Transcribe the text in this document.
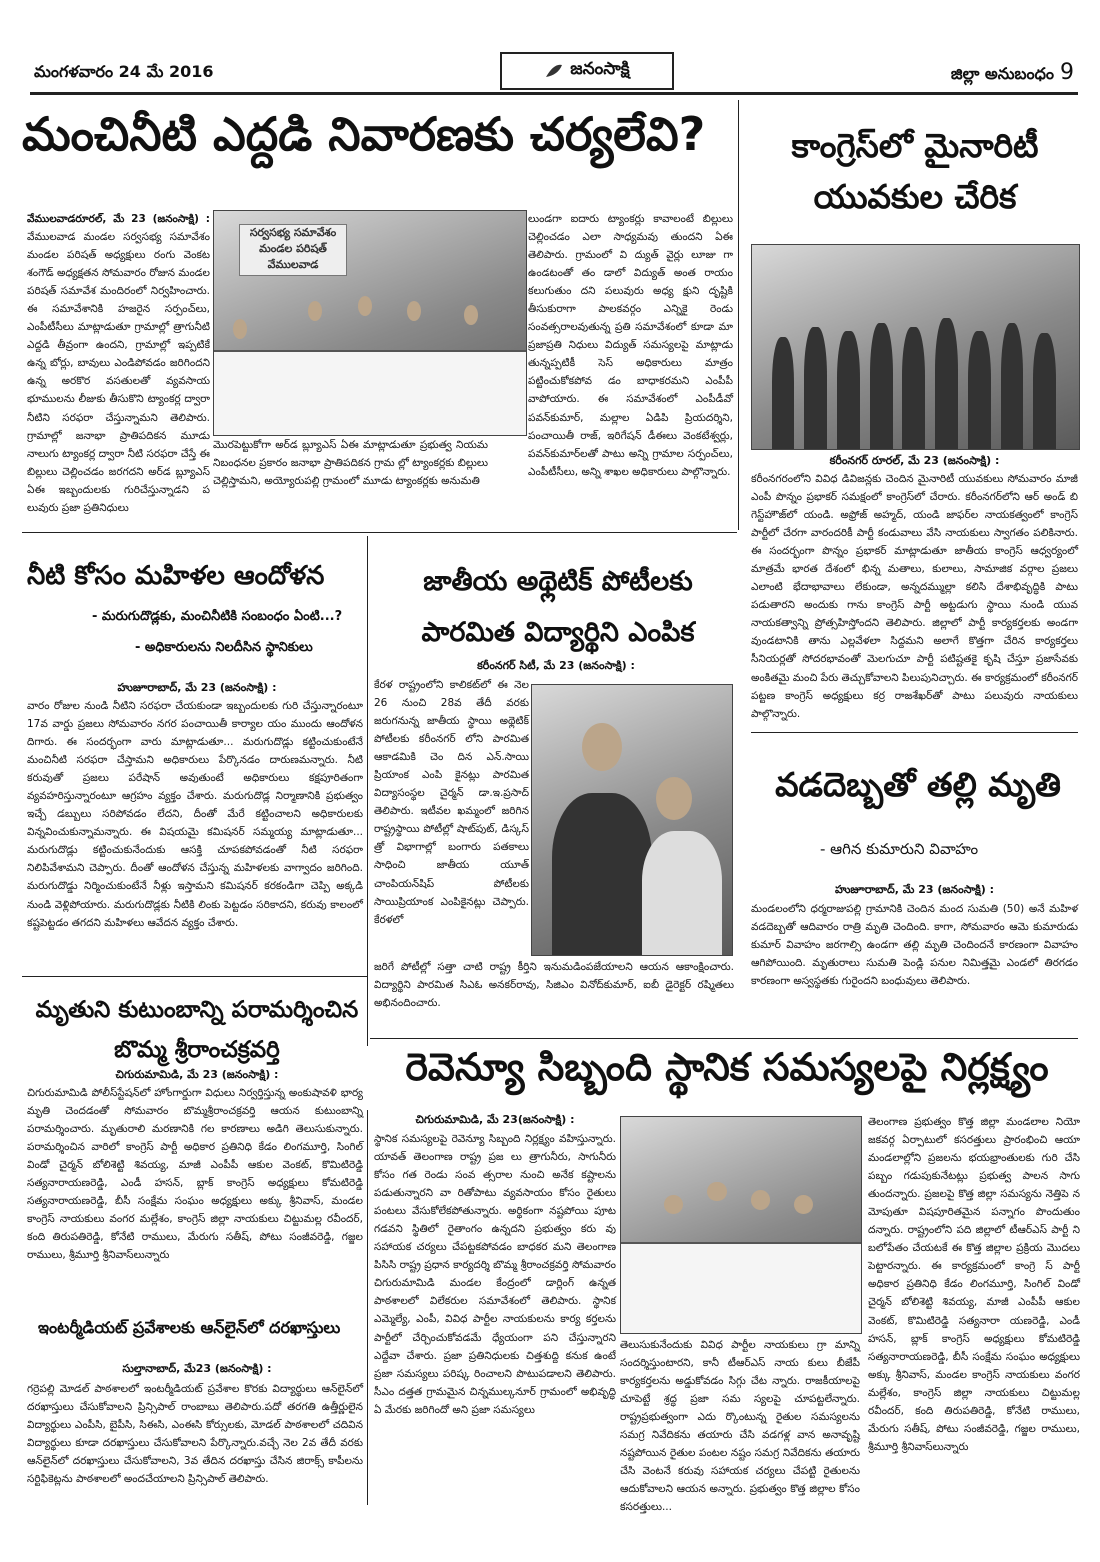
మంగళవారం 24 మే 2016	జనంసాక్షి	జిల్లా అనుబంధం 9
మంచినీటి ఎద్దడి నివారణకు చర్యలేవి?
వేములవాడరూరల్‌, మే 23 (జనంసాక్షి) : వేములవాడ మండల సర్వసభ్య సమావేశం మండల పరిషత్‌ అధ్యక్షులు రంగు వెంకట శంగౌడ్‌ అధ్యక్షతన సోమవారం రోజున మండల పరిషత్‌ సమావేశ మందిరంలో నిర్వహించారు. ఈ సమావేశానికి హజరైన సర్పంచ్‌లు, ఎంపీటీసీలు మాట్లాడుతూ గ్రామాల్లో త్రాగునీటి ఎద్దడి తీవ్రంగా ఉందని, గ్రామాల్లో ఇప్పటికే ఉన్న బోర్లు, బావులు ఎండిపోవడం జరిగిందని ఉన్న అరకొర వసతులతో వ్యవసాయ భూములను లీజుకు తీసుకొని ట్యాంకర్ల ద్వారా నీటిని సరఫరా చేస్తున్నామని తెలిపారు. గ్రామాల్లో జనాభా ప్రాతిపదికన మూడు నాలుగు ట్యాంకర్ల ద్వారా నీటి సరఫరా చేస్తే ఈ బిల్లులు చెల్లించడం జరగదని అర్‌డ బ్ల్యూఎస్‌ ఏఈ ఇబ్బందులకు గురిచేస్తున్నాడని ప లువురు ప్రజా ప్రతినిధులు
సర్వసభ్య సమావేశం మండల పరిషత్ వేములవాడ
మొరపెట్టుకోగా అర్‌డ బ్ల్యూఎస్‌ ఏఈ మాట్లాడుతూ ప్రభుత్వ నియమ నిబంధనల ప్రకారం జనాభా ప్రాతిపదికన గ్రామ ల్లో ట్యాంకర్లకు బిల్లులు చెల్లిస్తామని, అయ్యోరుపల్లి గ్రామంలో మూడు ట్యాంకర్లకు అనుమతి
లుండగా ఐదారు ట్యాంకర్లు కావాలంటే బిల్లులు చెల్లించడం ఎలా సాధ్యమవు తుందని ఏఈ తెలిపారు. గ్రామంలో వి ద్యుత్‌ వైర్లు లూజు గా ఉండటంతో తం డాలో విద్యుత్‌ అంత రాయం కలుగుతుం దని పలువురు అధ్య క్షుని దృష్టికి తీసుకురాగా పాలకవర్గం ఎన్నికై రెండు సంవత్సరాలవుతున్న ప్రతి సమావేశంలో కూడా మా ప్రజాప్రతి నిధులు విద్యుత్‌ సమస్యలపై మాట్లాడు తున్నప్పటికీ సెస్‌ అధికారులు మాత్రం పట్టించుకోకపోవ డం బాధాకరమని ఎంపీపీ వాపోయారు. ఈ సమావేశంలో ఎంపీడీవో పవన్‌కుమార్‌, మల్లాల ఏడిపి ప్రియదర్శిని, పంచాయితీ రాజ్‌, ఇరిగేషన్‌ డీఈలు వెంకటేశ్వర్లు, పవన్‌కుమార్‌లతో పాటు అన్ని గ్రామాల సర్పంచ్‌లు, ఎంపీటీసీలు, అన్ని శాఖల అధికారులు పాల్గొన్నారు.
కాంగ్రెస్‌లో మైనారిటీ యువకుల చేరిక
కరీంనగర్‌ రూరల్‌, మే 23 (జనంసాక్షి) :
కరీంనగరం‌లోని వివిధ డివిజన్లకు చెందిన మైనారిటీ యువకులు సోమవారం మాజీ ఎంపీ పొన్నం ప్రభాకర్‌ సమక్షంలో కాంగ్రెస్‌లో చేరారు. కరీంనగర్‌లోని ఆర్‌ అండ్‌ బి గెస్ట్‌హౌజ్‌లో యండి. అఫ్రోజ్‌ అహ్మద్‌, యండి జాఫర్‌ల నాయకత్వంలో కాంగ్రెస్‌ పార్టీలో చేరగా వారందరికీ పార్టీ కండువాలు వేసి నాయకులు స్వాగతం పలికినారు. ఈ సందర్భంగా పొన్నం ప్రభాకర్‌ మాట్లాడుతూ జాతీయ కాంగ్రెస్‌ ఆధ్వర్యంలో మాత్రమే భారత దేశంలో భిన్న మతాలు, కులాలు, సామాజిక వర్గాల ప్రజలు ఎలాంటి భేదాభావాలు లేకుండా, అన్నదమ్ముల్లా కలిసి దేశాభివృద్ధికి పాటు పడుతారని అందుకు గాను కాంగ్రెస్‌ పార్టీ అట్టడుగు స్థాయి నుండి యువ నాయకత్వాన్ని ప్రోత్సహిస్తోందని తెలిపారు. జిల్లాలో పార్టీ కార్యకర్తలకు అండగా వుండటానికి తాను ఎల్లవేళలా సిద్దమని అలాగే కొత్తగా చేరిన కార్యకర్తలు సీనియర్లతో సోదరభావంతో మెలగుచూ పార్టీ పటిష్టతకై కృషి చేస్తూ ప్రజాసేవకు అంకితమై మంచి పేరు తెచ్చుకోవాలని పిలుపునిచ్చారు. ఈ కార్యక్రమంలో కరీంనగర్‌ పట్టణ కాంగ్రెస్‌ అధ్యక్షులు కర్ర రాజశేఖర్‌తో పాటు పలువురు నాయకులు పాల్గొన్నారు.
వడదెబ్బతో తల్లి మృతి
- ఆగిన కుమారుని వివాహం
హుజూరాబాద్‌, మే 23 (జనంసాక్షి) :
మండలంలోని ధర్మరాజుపల్లి గ్రామానికి చెందిన మంద సుమతి (50) అనే మహిళ వడదెబ్బతో ఆదివారం రాత్రి మృతి చెందింది. కాగా, సోమవారం ఆమె కుమారుడు కుమార్‌ వివాహం జరగాల్సి ఉండగా తల్లి మృతి చెందిందనే కారణంగా వివాహం ఆగిపోయింది. మృతురాలు సుమతి పెండ్లి పనుల నిమిత్తమై ఎండలో తిరగడం కారణంగా అస్వస్థతకు గురైందని బంధువులు తెలిపారు.
నీటి కోసం మహిళల ఆందోళన
- మరుగుదొడ్లకు, మంచినీటికి సంబంధం ఏంటి...?
- అధికారులను నిలదీసిన స్థానికులు
హుజూరాబాద్‌, మే 23 (జనంసాక్షి) :
వారం రోజుల నుండి నీటిని సరఫరా చేయకుండా ఇబ్బందులకు గురి చేస్తున్నారంటూ 17వ వార్డు ప్రజలు సోమవారం నగర పంచాయితీ కార్యాల యం ముందు ఆందోళన దిగారు. ఈ సందర్భంగా వారు మాట్లాడుతూ... మరుగుదొడ్లు కట్టించుకుంటేనే మంచినీటి సరఫరా చేస్తామని అధికారులు పేర్కొనడం దారుణమన్నారు. నీటి కరువుతో ప్రజలు పరేషాన్‌ అవుతుంటే అధికారులు కక్షపూరితంగా వ్యవహరిస్తున్నారంటూ ఆగ్రహం వ్యక్తం చేశారు. మరుగుదొడ్ల నిర్మాణానికి ప్రభుత్వం ఇచ్చే డబ్బులు సరిపోవడం లేదని, దీంతో మేరే కట్టించాలని అధికారులకు విన్నవించుకున్నామన్నారు. ఈ విషయమై కమిషనర్‌ సమ్మయ్య మాట్లాడుతూ... మరుగుదొడ్లు కట్టించుకునేందుకు ఆసక్తి చూపకపోవడంతో నీటి సరఫరా నిలిపివేశామని చెప్పారు. దీంతో ఆందోళన చేస్తున్న మహిళలకు వాగ్వాదం జరిగింది. మరుగుదొడ్డు నిర్మించుకుంటేనే నీళ్లు ఇస్తామని కమిషనర్‌ కరకండిగా చెప్పి అక్కడి నుండి వెళ్లిపోయారు. మరుగుదొడ్లకు నీటికి లింకు పెట్టడం సరికాదని, కరువు కాలంలో కష్టపెట్టడం తగదని మహిళలు ఆవేదన వ్యక్తం చేశారు.
జాతీయ అథ్లెటిక్‌ పోటీలకు
పారమిత విద్యార్థిని ఎంపిక
కరీంనగర్‌ సిటీ, మే 23 (జనంసాక్షి) :
కేరళ రాష్ట్రంలోని కాలికట్‌లో ఈ నెల 26 నుంచి 28వ తేదీ వరకు జరుగనున్న జాతీయ స్థాయి అథ్లెటిక్‌ పోటీలకు కరీంనగర్‌ లోని పారమిత ఆకాడమికి చెం దిన ఎన్‌.సాయి ప్రియాంక ఎంపి కైనట్లు పారమిత విద్యాసంస్థల చైర్మన్‌ డా.ఇ.ప్రసాద్‌ తెలిపారు. ఇటీవల ఖమ్మంలో జరిగిన రాష్ట్రస్థాయి పోటీల్లో షాట్‌పుట్‌, డిస్కస్‌ త్రో విభాగాల్లో బంగారు పతకాలు సాధించి జాతీయ యూత్‌ చాంపియన్‌షిప్‌ పోటీలకు సాయిప్రియాంక ఎంపికైనట్లు చెప్పారు. కేరళలో
జరిగే పోటీల్లో సత్తా చాటి రాష్ట్ర కీర్తిని ఇనుమడింపజేయాలని ఆయన ఆకాంక్షించారు. విద్యార్థిని పారమిత సిఎఓ అనకర్‌రావు, సిజిఎం వినోద్‌కుమార్‌, ఐబీ డైరెక్టర్‌ రష్మితలు అభినందించారు.
మృతుని కుటుంబాన్ని పరామర్శించిన
బొమ్మ శ్రీరాంచక్రవర్తి
చిగురుమామిడి, మే 23 (జనంసాక్షి) :
చిగురుమామిడి పోలీస్‌స్టేషన్‌లో హోంగార్డుగా విధులు నిర్వర్తిస్తున్న అంకుషావళి భార్య మృతి చెందడంతో సోమవారం బొమ్మశ్రీరాంచక్రవర్తి ఆయన కుటుంబాన్ని పరామర్శించారు. మృతురాలి మరణానికి గల కారణాలు అడిగి తెలుసుకున్నారు. పరామర్శించిన వారిలో కాంగ్రెస్‌ పార్టీ అధికార ప్రతినిధి కేడం లింగమూర్తి, సింగిల్‌ విండో చైర్మన్‌ బోలిశెట్టి శివయ్య, మాజీ ఎంపీపీ ఆకుల వెంకట్‌, కొమిటిరెడ్డి సత్యనారాయణరెడ్డి, ఎండీ హసన్‌, బ్లాక్‌ కాంగ్రెస్‌ అధ్యక్షులు కోమటిరెడ్డి సత్యనారాయణరెడ్డి, బీసీ సంక్షేమ సంఘం అధ్యక్షులు అక్కు శ్రీనివాస్‌, మండల కాంగ్రెస్‌ నాయకులు వంగర మల్లేశం, కాంగ్రెస్‌ జిల్లా నాయకులు చిట్టుమల్ల రవీందర్‌, కంది తిరుపతిరెడ్డి, కోనేటి రాములు, మేరుగు సతీష్‌, పోటు సంజీవరెడ్డి, గజ్జల రాములు, శ్రీమూర్తి శ్రీనివాస్‌లున్నారు
రెవెన్యూ సిబ్బంది స్థానిక సమస్యలపై నిర్లక్ష్యం
ఇంటర్మీడియట్‌ ప్రవేశాలకు ఆన్‌లైన్‌లో దరఖాస్తులు
సుల్తానాబాద్‌, మే23 (జనంసాక్షి) :
గర్రెపల్లి మోడల్‌ పాఠశాలలో ఇంటర్మీడియట్‌ ప్రవేశాల కొరకు విద్యార్థులు ఆన్‌లైన్‌లో దరఖాస్తులు చేసుకోవాలని ప్రిన్సిపాల్‌ రాంబాబు తెలిపారు.పదో తరగతి ఉత్తీర్ణులైన విద్యార్థులు ఎంపీసి, బైపీసి, సిఈసి, ఎంఈసి కోర్సులకు, మోడల్‌ పాఠశాలలో చదివిన విద్యార్థులు కూడా దరఖాస్తులు చేసుకోవాలని పేర్కొన్నారు.వచ్చే నెల 2వ తేదీ వరకు ఆన్‌లైన్‌లో దరఖాస్తులు చేసుకోవాలని, 3వ తేదిన దరఖాస్తు చేసిన జిరాక్స్‌ కాపీలను సర్టిఫికెట్లను పాఠశాలలో అందచేయాలని ప్రిన్సిపాల్‌ తెలిపారు.
చిగురుమామిడి, మే 23(జనంసాక్షి) :
స్థానిక సమస్యలపై రెవెన్యూ సిబ్బంది నిర్లక్ష్యం వహిస్తున్నారు. యావత్‌ తెలంగాణ రాష్ట్ర ప్రజ లు త్రాగునీరు, సాగునీరు కోసం గత రెండు సంవ త్సరాల నుంచి అనేక కష్టాలను పడుతున్నారని వా రితోపాటు వ్యవసాయం కోసం రైతులు పంటలు వేసుకోలేకపోతున్నారు. అర్థికంగా నష్టపోయి పూట గడవని స్థితిలో రైతాంగం ఉన్నదని ప్రభుత్వం కరు వు సహాయక చర్యలు చేపట్టకపోవడం బాధకర మని తెలంగాణ పిసిసి రాష్ట్ర ప్రధాన కార్యదర్శి బొమ్మ శ్రీరాంచక్రవర్తి సోమవారం చిగురుమామిడి మండల కేంద్రంలో డార్లింగ్‌ ఉన్నత పాఠశాలలో విలేకరుల సమావేశంలో తెలిపారు. స్థానిక ఎమ్మెల్యే, ఎంపీ, వివిధ పార్టీల నాయకులను కార్య కర్తలను పార్టీలో చేర్చించుకోవడమే ధ్యేయంగా పని చేస్తున్నారని ఎద్దేవా చేశారు. ప్రజా ప్రతినిధులకు చిత్తశుద్ది కనుక ఉంటే ప్రజా సమస్యలు పరిష్క రించాలని పొటుపడాలని తెలిపారు. సీఎం దత్తత గ్రామమైన చిన్నముల్కనూర్‌ గ్రామంలో అభివృద్ధి ఏ మేరకు జరిగిందో అని ప్రజా సమస్యలు
తెలుసుకునేందుకు వివిధ పార్టీల నాయకులు గ్రా మాన్ని సందర్శిస్తుంటారని, కానీ టీఆర్‌ఎస్‌ నాయ కులు బీజేపీ కార్యకర్తలను అడ్డుకోవడం సిగ్గు చేట న్నారు. రాజకీయాలపై చూపెట్టే శ్రద్ధ ప్రజా సమ స్యలపై చూపట్టలేన్నారు. రాష్ట్రప్రభుత్వంగా ఎదు ర్కొంటున్న రైతుల సమస్యలను సమగ్ర నివేదికను తయారు చేసి వడగళ్ల వాన అనావృష్టి నష్టపోయిన రైతుల పంటల నష్టం సమగ్ర నివేదికను తయారు చేసి వెంటనే కరువు సహాయక చర్యలు చేపట్టి రైతులను ఆదుకోవాలని ఆయన అన్నారు. ప్రభుత్వం కొత్త జిల్లాల కోసం కసరత్తులు...
తెలంగాణ ప్రభుత్వం కొత్త జిల్లా మండలాల నియో జకవర్గ ఏర్పాటులో కసరత్తులు ప్రారంభించి ఆయా మండలాల్లోని ప్రజలను భయభ్రాంతులకు గురి చేసి పబ్బం గడుపుకునేటట్లు ప్రభుత్వ పాలన సాగు తుందన్నారు. ప్రజలపై కొత్త జిల్లా సమస్యను నెత్తిపె న మోపుతూ విషపూరితమైన పన్నాగం పొందుతుం దన్నారు. రాష్ట్రంలోని పది జిల్లాలో టీఆర్‌ఎస్‌ పార్టీ ని బలోపేతం చేయటకే ఈ కొత్త జిల్లాల ప్రక్రియ మొదలు పెట్టారన్నారు. ఈ కార్యక్రమంలో కాంగ్రె స్‌ పార్టీ అధికార ప్రతినిధి కేడం లింగమూర్తి, సింగిల్‌ విండో చైర్మన్‌ బోలిశెట్టి శివయ్య, మాజీ ఎంపీపీ ఆకుల వెంకట్‌, కొమిటిరెడ్డి సత్యనారా యణరెడ్డి, ఎండీ హసన్‌, బ్లాక్‌ కాంగ్రెస్‌ అధ్యక్షులు కోమటిరెడ్డి సత్యనారాయణరెడ్డి, బీసీ సంక్షేమ సంఘం అధ్యక్షులు అక్కు శ్రీనివాస్‌, మండల కాంగ్రెస్‌ నాయకులు వంగర మల్లేశం, కాంగ్రెస్‌ జిల్లా నాయకులు చిట్టుమల్ల రవీందర్‌, కంది తిరుపతిరెడ్డి, కోనేటి రాములు, మేరుగు సతీష్‌, పోటు సంజీవరెడ్డి, గజ్జల రాములు, శ్రీమూర్తి శ్రీనివాస్‌లున్నారు
